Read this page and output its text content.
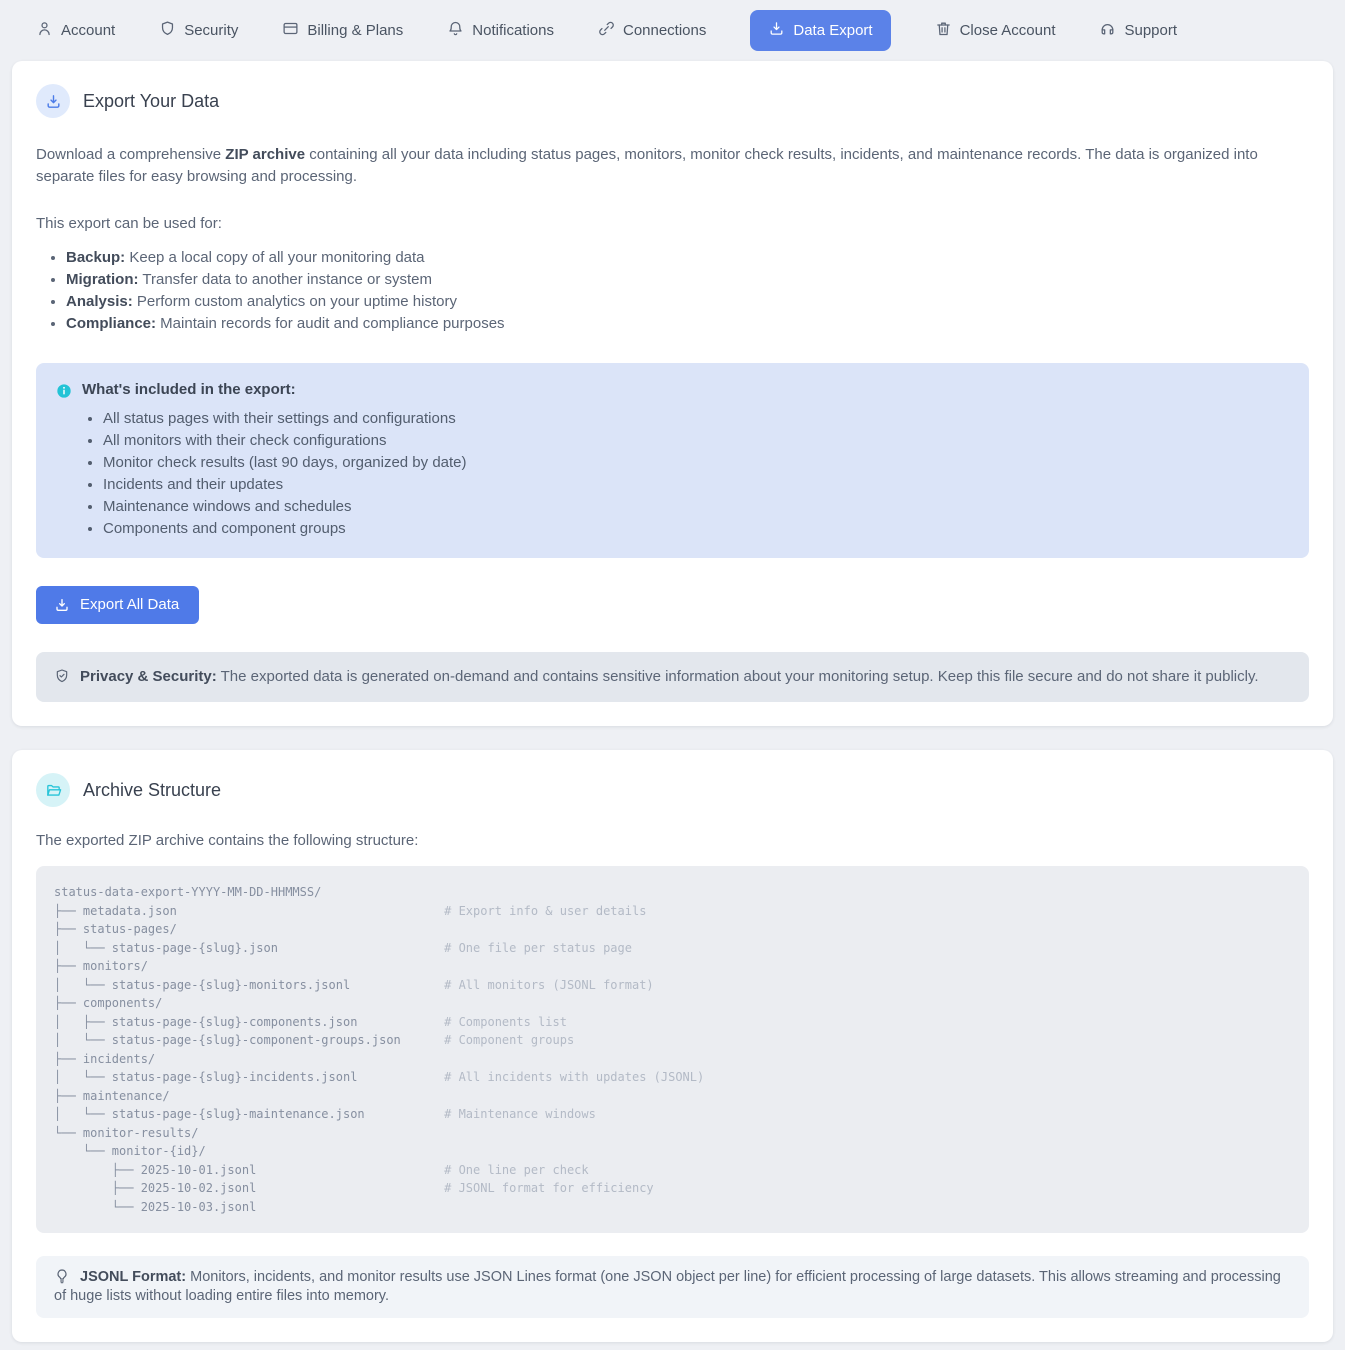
Account	Security	Billing & Plans	Notifications	Connections	Data Export	Close Account	Support
Export Your Data

Download a comprehensive ZIP archive containing all your data including status pages, monitors, monitor check results, incidents, and maintenance records. The data is organized into separate files for easy browsing and processing.

This export can be used for:

• Backup: Keep a local copy of all your monitoring data
• Migration: Transfer data to another instance or system
• Analysis: Perform custom analytics on your uptime history
• Compliance: Maintain records for audit and compliance purposes
What's included in the export:
• All status pages with their settings and configurations
• All monitors with their check configurations
• Monitor check results (last 90 days, organized by date)
• Incidents and their updates
• Maintenance windows and schedules
• Components and component groups
Export All Data
Privacy & Security: The exported data is generated on-demand and contains sensitive information about your monitoring setup. Keep this file secure and do not share it publicly.
Archive Structure

The exported ZIP archive contains the following structure:

status-data-export-YYYY-MM-DD-HHMMSS/
├── metadata.json	# Export info & user details
├── status-pages/
│   └── status-page-{slug}.json	# One file per status page
├── monitors/
│   └── status-page-{slug}-monitors.jsonl	# All monitors (JSONL format)
├── components/
│   ├── status-page-{slug}-components.json	# Components list
│   └── status-page-{slug}-component-groups.json	# Component groups
├── incidents/
│   └── status-page-{slug}-incidents.jsonl	# All incidents with updates (JSONL)
├── maintenance/
│   └── status-page-{slug}-maintenance.json	# Maintenance windows
└── monitor-results/
└── monitor-{id}/
├── 2025-10-01.jsonl	# One line per check
├── 2025-10-02.jsonl	# JSONL format for efficiency
└── 2025-10-03.jsonl
JSONL Format: Monitors, incidents, and monitor results use JSON Lines format (one JSON object per line) for efficient processing of large datasets. This allows streaming and processing of huge lists without loading entire files into memory.
